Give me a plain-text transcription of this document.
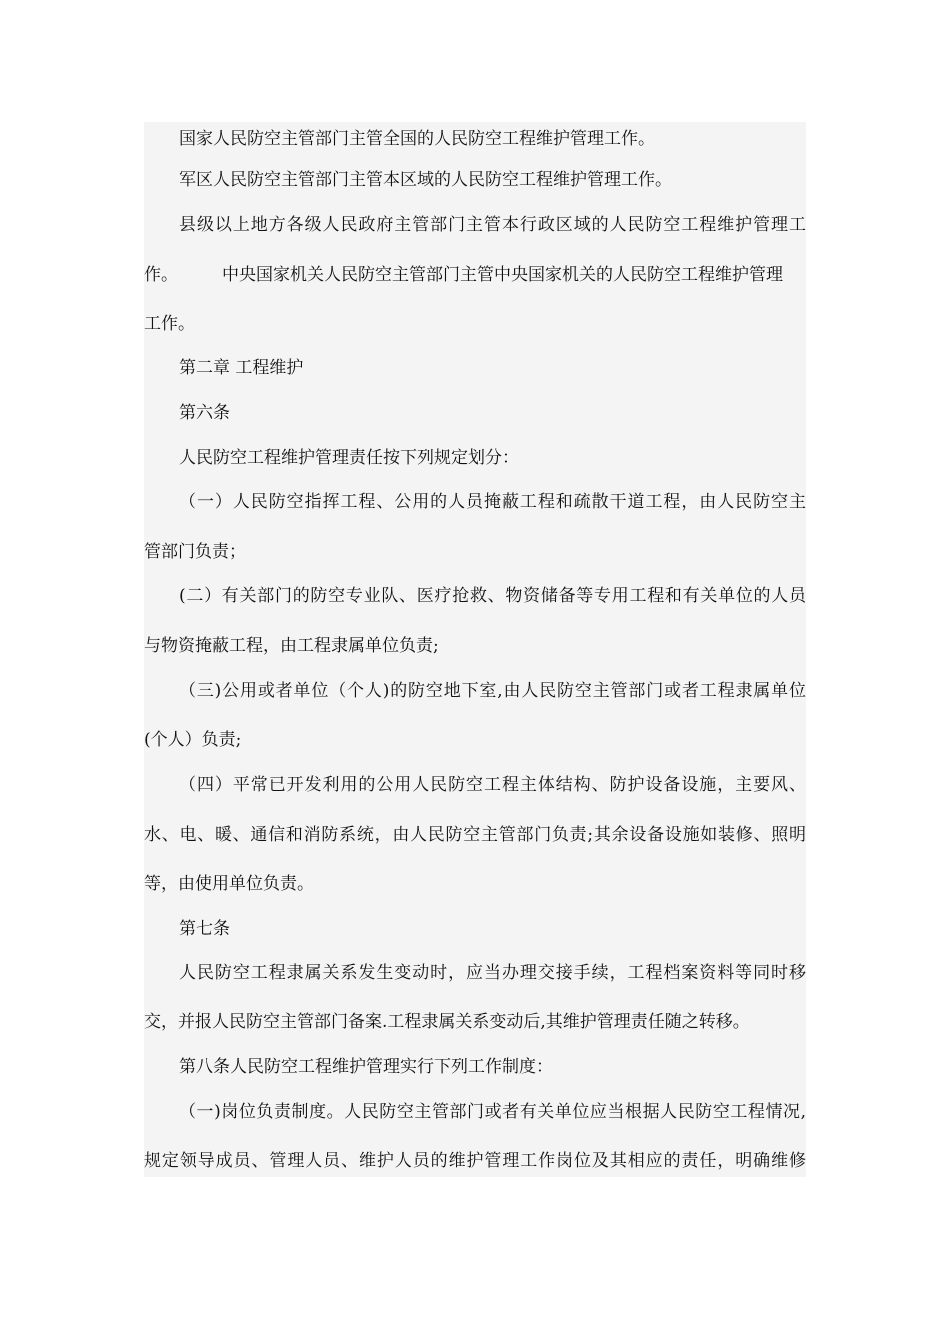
国家人民防空主管部门主管全国的人民防空工程维护管理工作。
军区人民防空主管部门主管本区域的人民防空工程维护管理工作。
县级以上地方各级人民政府主管部门主管本行政区域的人民防空工程维护管理工
作。	中央国家机关人民防空主管部门主管中央国家机关的人民防空工程维护管理
工作。
第二章 工程维护
第六条
人民防空工程维护管理责任按下列规定划分：
（一）人民防空指挥工程、公用的人员掩蔽工程和疏散干道工程，由人民防空主
管部门负责；
(二）有关部门的防空专业队、医疗抢救、物资储备等专用工程和有关单位的人员
与物资掩蔽工程，由工程隶属单位负责;
（三)公用或者单位（个人)的防空地下室,由人民防空主管部门或者工程隶属单位
(个人）负责;
（四）平常已开发利用的公用人民防空工程主体结构、防护设备设施，主要风、
水、电、暖、通信和消防系统，由人民防空主管部门负责;其余设备设施如装修、照明
等，由使用单位负责。
第七条
人民防空工程隶属关系发生变动时，应当办理交接手续，工程档案资料等同时移
交，并报人民防空主管部门备案.工程隶属关系变动后,其维护管理责任随之转移。
第八条人民防空工程维护管理实行下列工作制度：
（一)岗位负责制度。人民防空主管部门或者有关单位应当根据人民防空工程情况,
规定领导成员、管理人员、维护人员的维护管理工作岗位及其相应的责任，明确维修
